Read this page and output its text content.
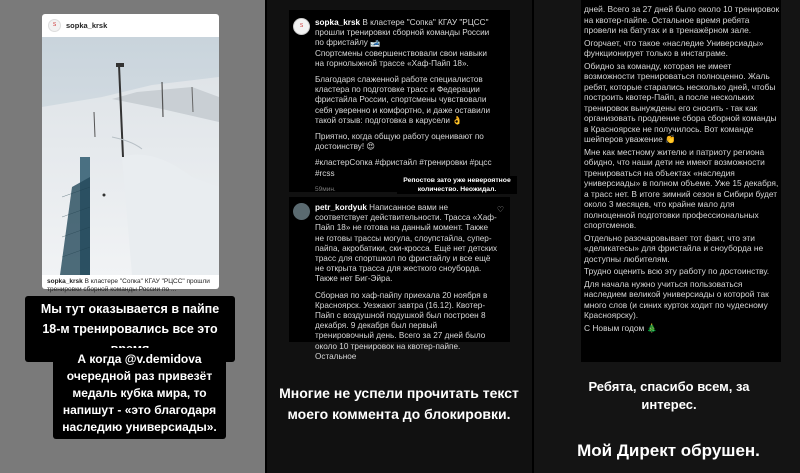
S	sopka_krsk
sopka_krsk В кластере "Сопка" КГАУ "РЦСС" прошли тренировки сборной команды России по ...
Мы тут оказывается в пайпе 18-м тренировались все это
А когда @v.demidova очередной раз привезёт медаль кубка мира, то напишут - «это благодаря наследию универсиады».
S	sopka_krsk В кластере "Сопка" КГАУ "РЦСС" прошли тренировки сборной команды России по фристайлу 🎿
Спортсмены совершенствовали свои навыки на горнолыжной трассе «Хаф-Пайп 18».

Благодаря слаженной работе специалистов кластера по подготовке трасс и Федерации фристайла России, спортсмены чувствовали себя уверенно и комфортно, и даже оставили такой отзыв: подготовка в карусели 👌

Приятно, когда общую работу оценивают по достоинству! 😍

#кластерСопка #фристайл #тренировки #рцсс #rcss

59мин.

Репостов зато уже невероятное количество. Неожидал.
♡

petr_kordyuk Написанное вами не соответствует действительности. Трасса «Хаф-Пайп 18» не готова на данный момент. Также не готовы трассы могула, слоупстайла, супер-пайпа, акробатики, ски-кросса. Ещё нет детских трасс для спортшкол по фристайлу и все ещё не открыта трасса для жесткого сноуборда. Также нет Биг-Эйра.

Сборная по хаф-пайпу приехала 20 ноября в Красноярск. Уезжают завтра (16.12). Квотер-Пайп с воздушной подушкой был построен 8 декабря. 9 декабря был первый тренировочный день. Всего за 27 дней было около 10 тренировок на квотер-пайпе. Остальное

Многие не успели прочитать текст моего коммента до блокировки.

дней. Всего за 27 дней было около 10 тренировок на квотер-пайпе. Остальное время ребята провели на батутах и в тренажёрном зале.

Огорчает, что такое «наследие Универсиады» функционирует только в инстаграме.

Обидно за команду, которая не имеет возможности тренироваться полноценно. Жаль ребят, которые старались несколько дней, чтобы построить квотер-Пайп, а после нескольких тренировок вынуждены его сносить - так как организовать продление сбора сборной команды в Красноярске не получилось. Вот команде шейперов уважение 👏

Мне как местному жителю и патриоту региона обидно, что наши дети не имеют возможности тренироваться на объектах «наследия универсиады» в полном объеме. Уже 15 декабря, а трасс нет. В итоге зимний сезон в Сибири будет около 3 месяцев, что крайне мало для полноценной подготовки профессиональных спортсменов.

Отдельно разочаровывает тот факт, что эти «деликатесы» для фристайла и сноуборда не доступны любителям.

Трудно оценить всю эту работу по достоинству.

Для начала нужно учиться пользоваться наследием великой универсиады о которой так много слов (и синих курток ходит по чудесному Красноярску).

С Новым годом 🎄

Ребята, спасибо всем, за интерес.
Мой Директ обрушен.
